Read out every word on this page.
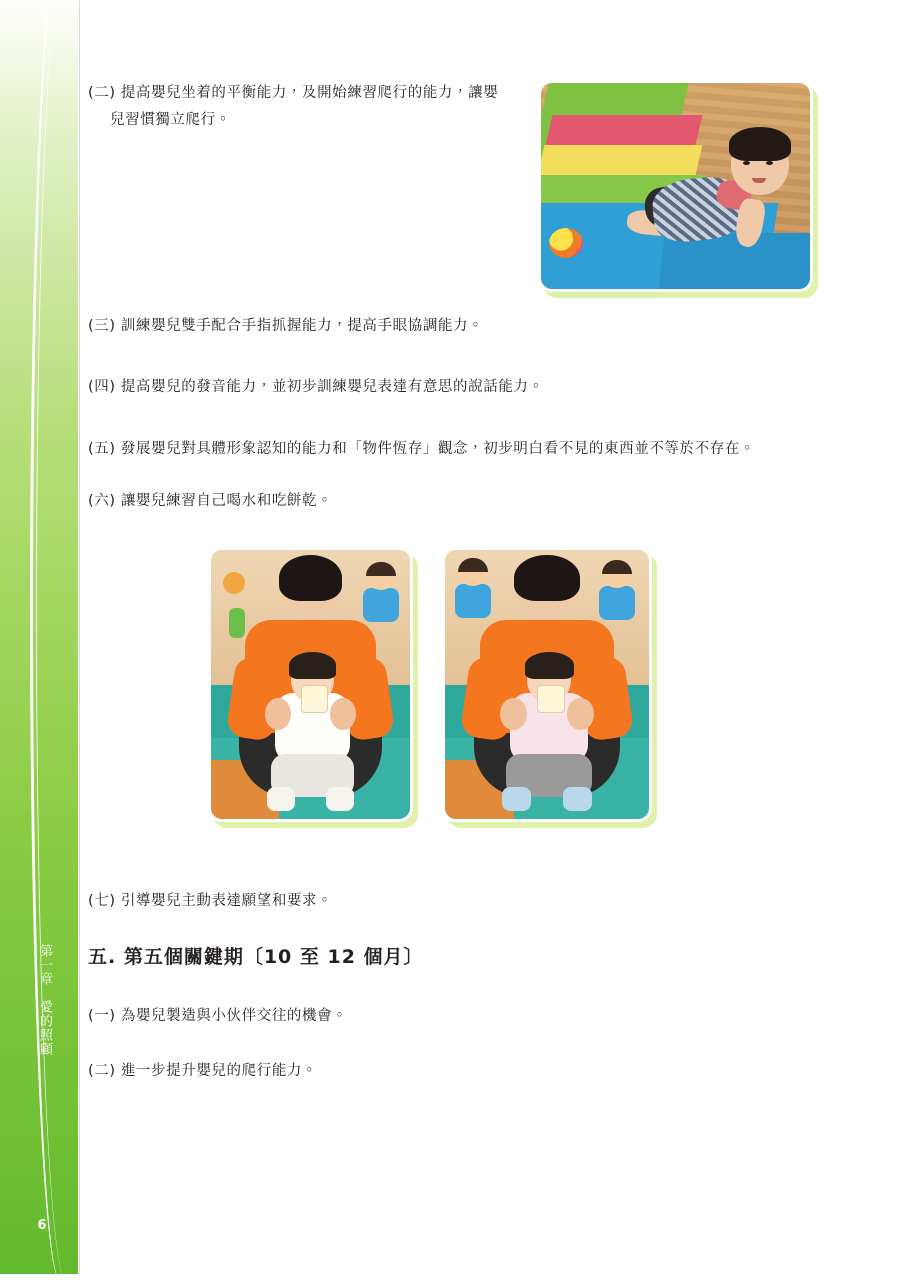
第一章愛的照顧
6
(二) 提高嬰兒坐着的平衡能力，及開始練習爬行的能力，讓嬰
兒習慣獨立爬行。
(三) 訓練嬰兒雙手配合手指抓握能力，提高手眼協調能力。
(四) 提高嬰兒的發音能力，並初步訓練嬰兒表達有意思的說話能力。
(五) 發展嬰兒對具體形象認知的能力和「物件恆存」觀念，初步明白看不見的東西並不等於不存在。
(六) 讓嬰兒練習自己喝水和吃餅乾。
(七) 引導嬰兒主動表達願望和要求。
五. 第五個關鍵期〔10 至 12 個月〕
(一) 為嬰兒製造與小伙伴交往的機會。
(二) 進一步提升嬰兒的爬行能力。
